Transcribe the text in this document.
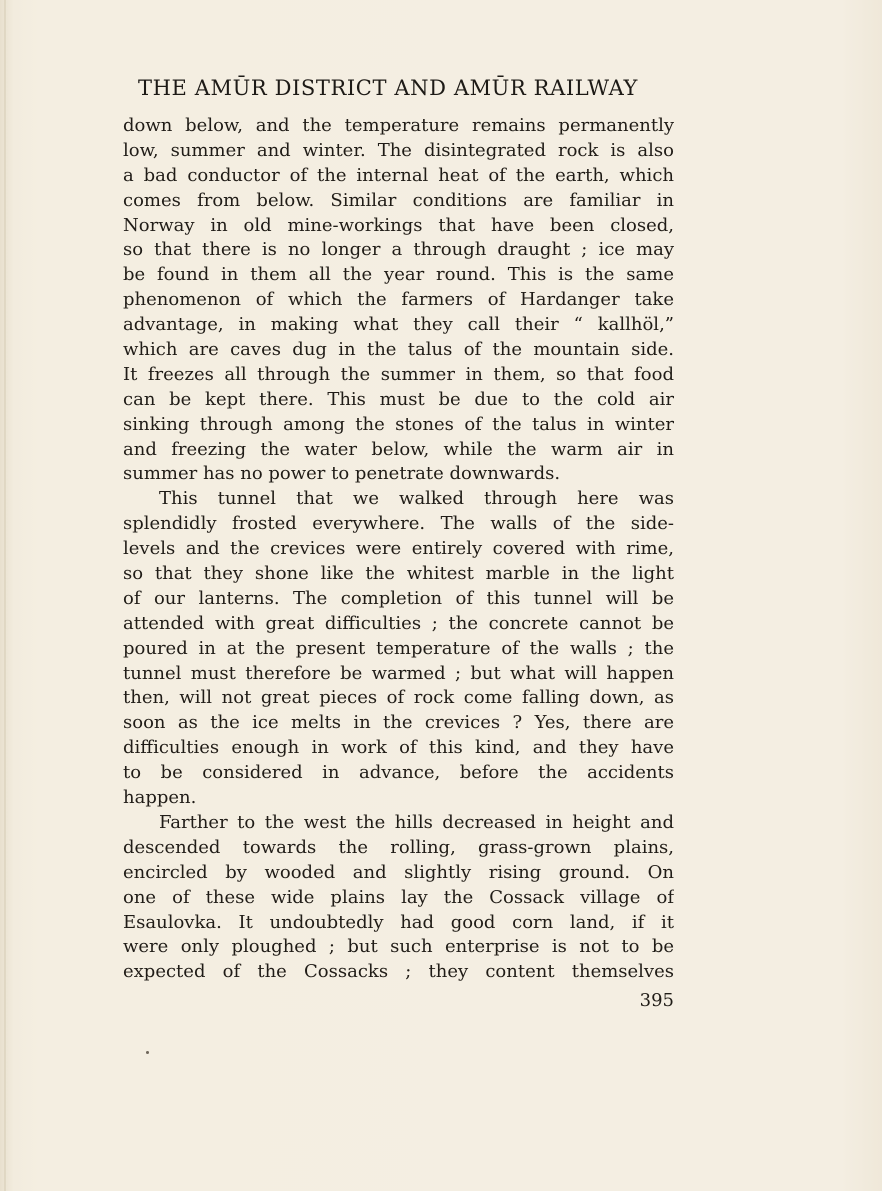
THE AMŪR DISTRICT AND AMŪR RAILWAY
down below, and the temperature remains permanently
low, summer and winter. The disintegrated rock is also
a bad conductor of the internal heat of the earth, which
comes from below. Similar conditions are familiar in
Norway in old mine-workings that have been closed,
so that there is no longer a through draught ; ice may
be found in them all the year round. This is the same
phenomenon of which the farmers of Hardanger take
advantage, in making what they call their “ kallhöl,”
which are caves dug in the talus of the mountain side.
It freezes all through the summer in them, so that food
can be kept there. This must be due to the cold air
sinking through among the stones of the talus in winter
and freezing the water below, while the warm air in
summer has no power to penetrate downwards.
This tunnel that we walked through here was
splendidly frosted everywhere. The walls of the side-
levels and the crevices were entirely covered with rime,
so that they shone like the whitest marble in the light
of our lanterns. The completion of this tunnel will be
attended with great difficulties ; the concrete cannot be
poured in at the present temperature of the walls ; the
tunnel must therefore be warmed ; but what will happen
then, will not great pieces of rock come falling down, as
soon as the ice melts in the crevices ? Yes, there are
difficulties enough in work of this kind, and they have
to be considered in advance, before the accidents
happen.
Farther to the west the hills decreased in height and
descended towards the rolling, grass-grown plains,
encircled by wooded and slightly rising ground. On
one of these wide plains lay the Cossack village of
Esaulovka. It undoubtedly had good corn land, if it
were only ploughed ; but such enterprise is not to be
expected of the Cossacks ; they content themselves
395
